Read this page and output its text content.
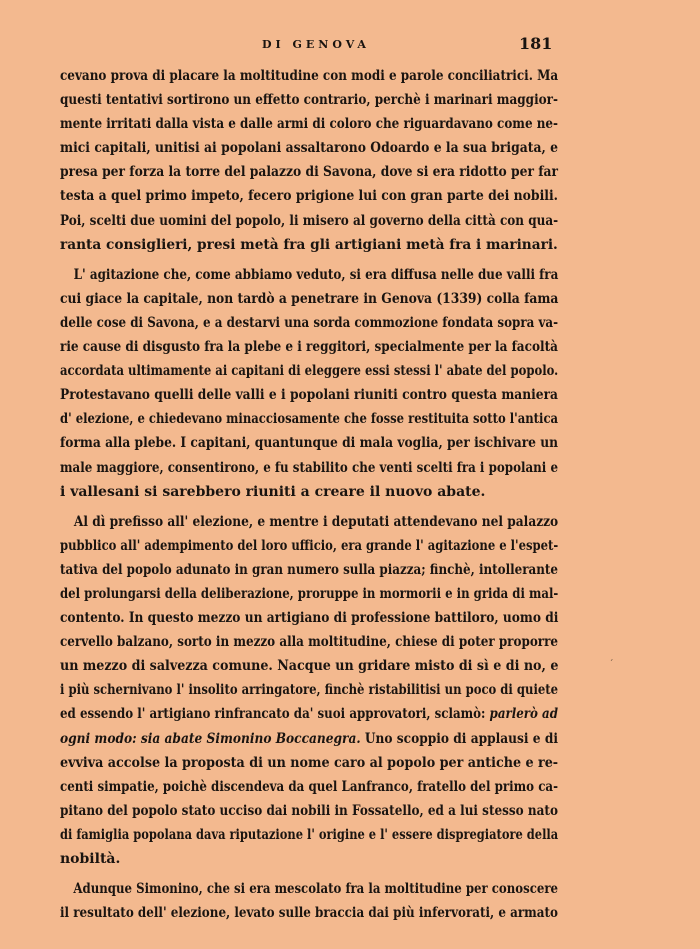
DI GENOVA	181
cevano prova di placare la moltitudine con modi e parole conciliatrici. Ma
questi tentativi sortirono un effetto contrario, perchè i marinari maggior-
mente irritati dalla vista e dalle armi di coloro che riguardavano come ne-
mici capitali, unitisi ai popolani assaltarono Odoardo e la sua brigata, e
presa per forza la torre del palazzo di Savona, dove si era ridotto per far
testa a quel primo impeto, fecero prigione lui con gran parte dei nobili.
Poi, scelti due uomini del popolo, li misero al governo della città con qua-
ranta consiglieri, presi metà fra gli artigiani metà fra i marinari.
L' agitazione che, come abbiamo veduto, si era diffusa nelle due valli fra
cui giace la capitale, non tardò a penetrare in Genova (1339) colla fama
delle cose di Savona, e a destarvi una sorda commozione fondata sopra va-
rie cause di disgusto fra la plebe e i reggitori, specialmente per la facoltà
accordata ultimamente ai capitani di eleggere essi stessi l' abate del popolo.
Protestavano quelli delle valli e i popolani riuniti contro questa maniera
d' elezione, e chiedevano minacciosamente che fosse restituita sotto l'antica
forma alla plebe. I capitani, quantunque di mala voglia, per ischivare un
male maggiore, consentirono, e fu stabilito che venti scelti fra i popolani e
i vallesani si sarebbero riuniti a creare il nuovo abate.
Al dì prefisso all' elezione, e mentre i deputati attendevano nel palazzo
pubblico all' adempimento del loro ufficio, era grande l' agitazione e l'espet-
tativa del popolo adunato in gran numero sulla piazza; finchè, intollerante
del prolungarsi della deliberazione, proruppe in mormorii e in grida di mal-
contento. In questo mezzo un artigiano di professione battiloro, uomo di
cervello balzano, sorto in mezzo alla moltitudine, chiese di poter proporre
un mezzo di salvezza comune. Nacque un gridare misto di sì e di no, e
i più schernivano l' insolito arringatore, finchè ristabilitisi un poco di quiete
ed essendo l' artigiano rinfrancato da' suoi approvatori, sclamò: parlerò ad
ogni modo: sia abate Simonino Boccanegra. Uno scoppio di applausi e di
evviva accolse la proposta di un nome caro al popolo per antiche e re-
centi simpatie, poichè discendeva da quel Lanfranco, fratello del primo ca-
pitano del popolo stato ucciso dai nobili in Fossatello, ed a lui stesso nato
di famiglia popolana dava riputazione l' origine e l' essere dispregiatore della
nobiltà.
Adunque Simonino, che si era mescolato fra la moltitudine per conoscere
il resultato dell' elezione, levato sulle braccia dai più infervorati, e armato
´
